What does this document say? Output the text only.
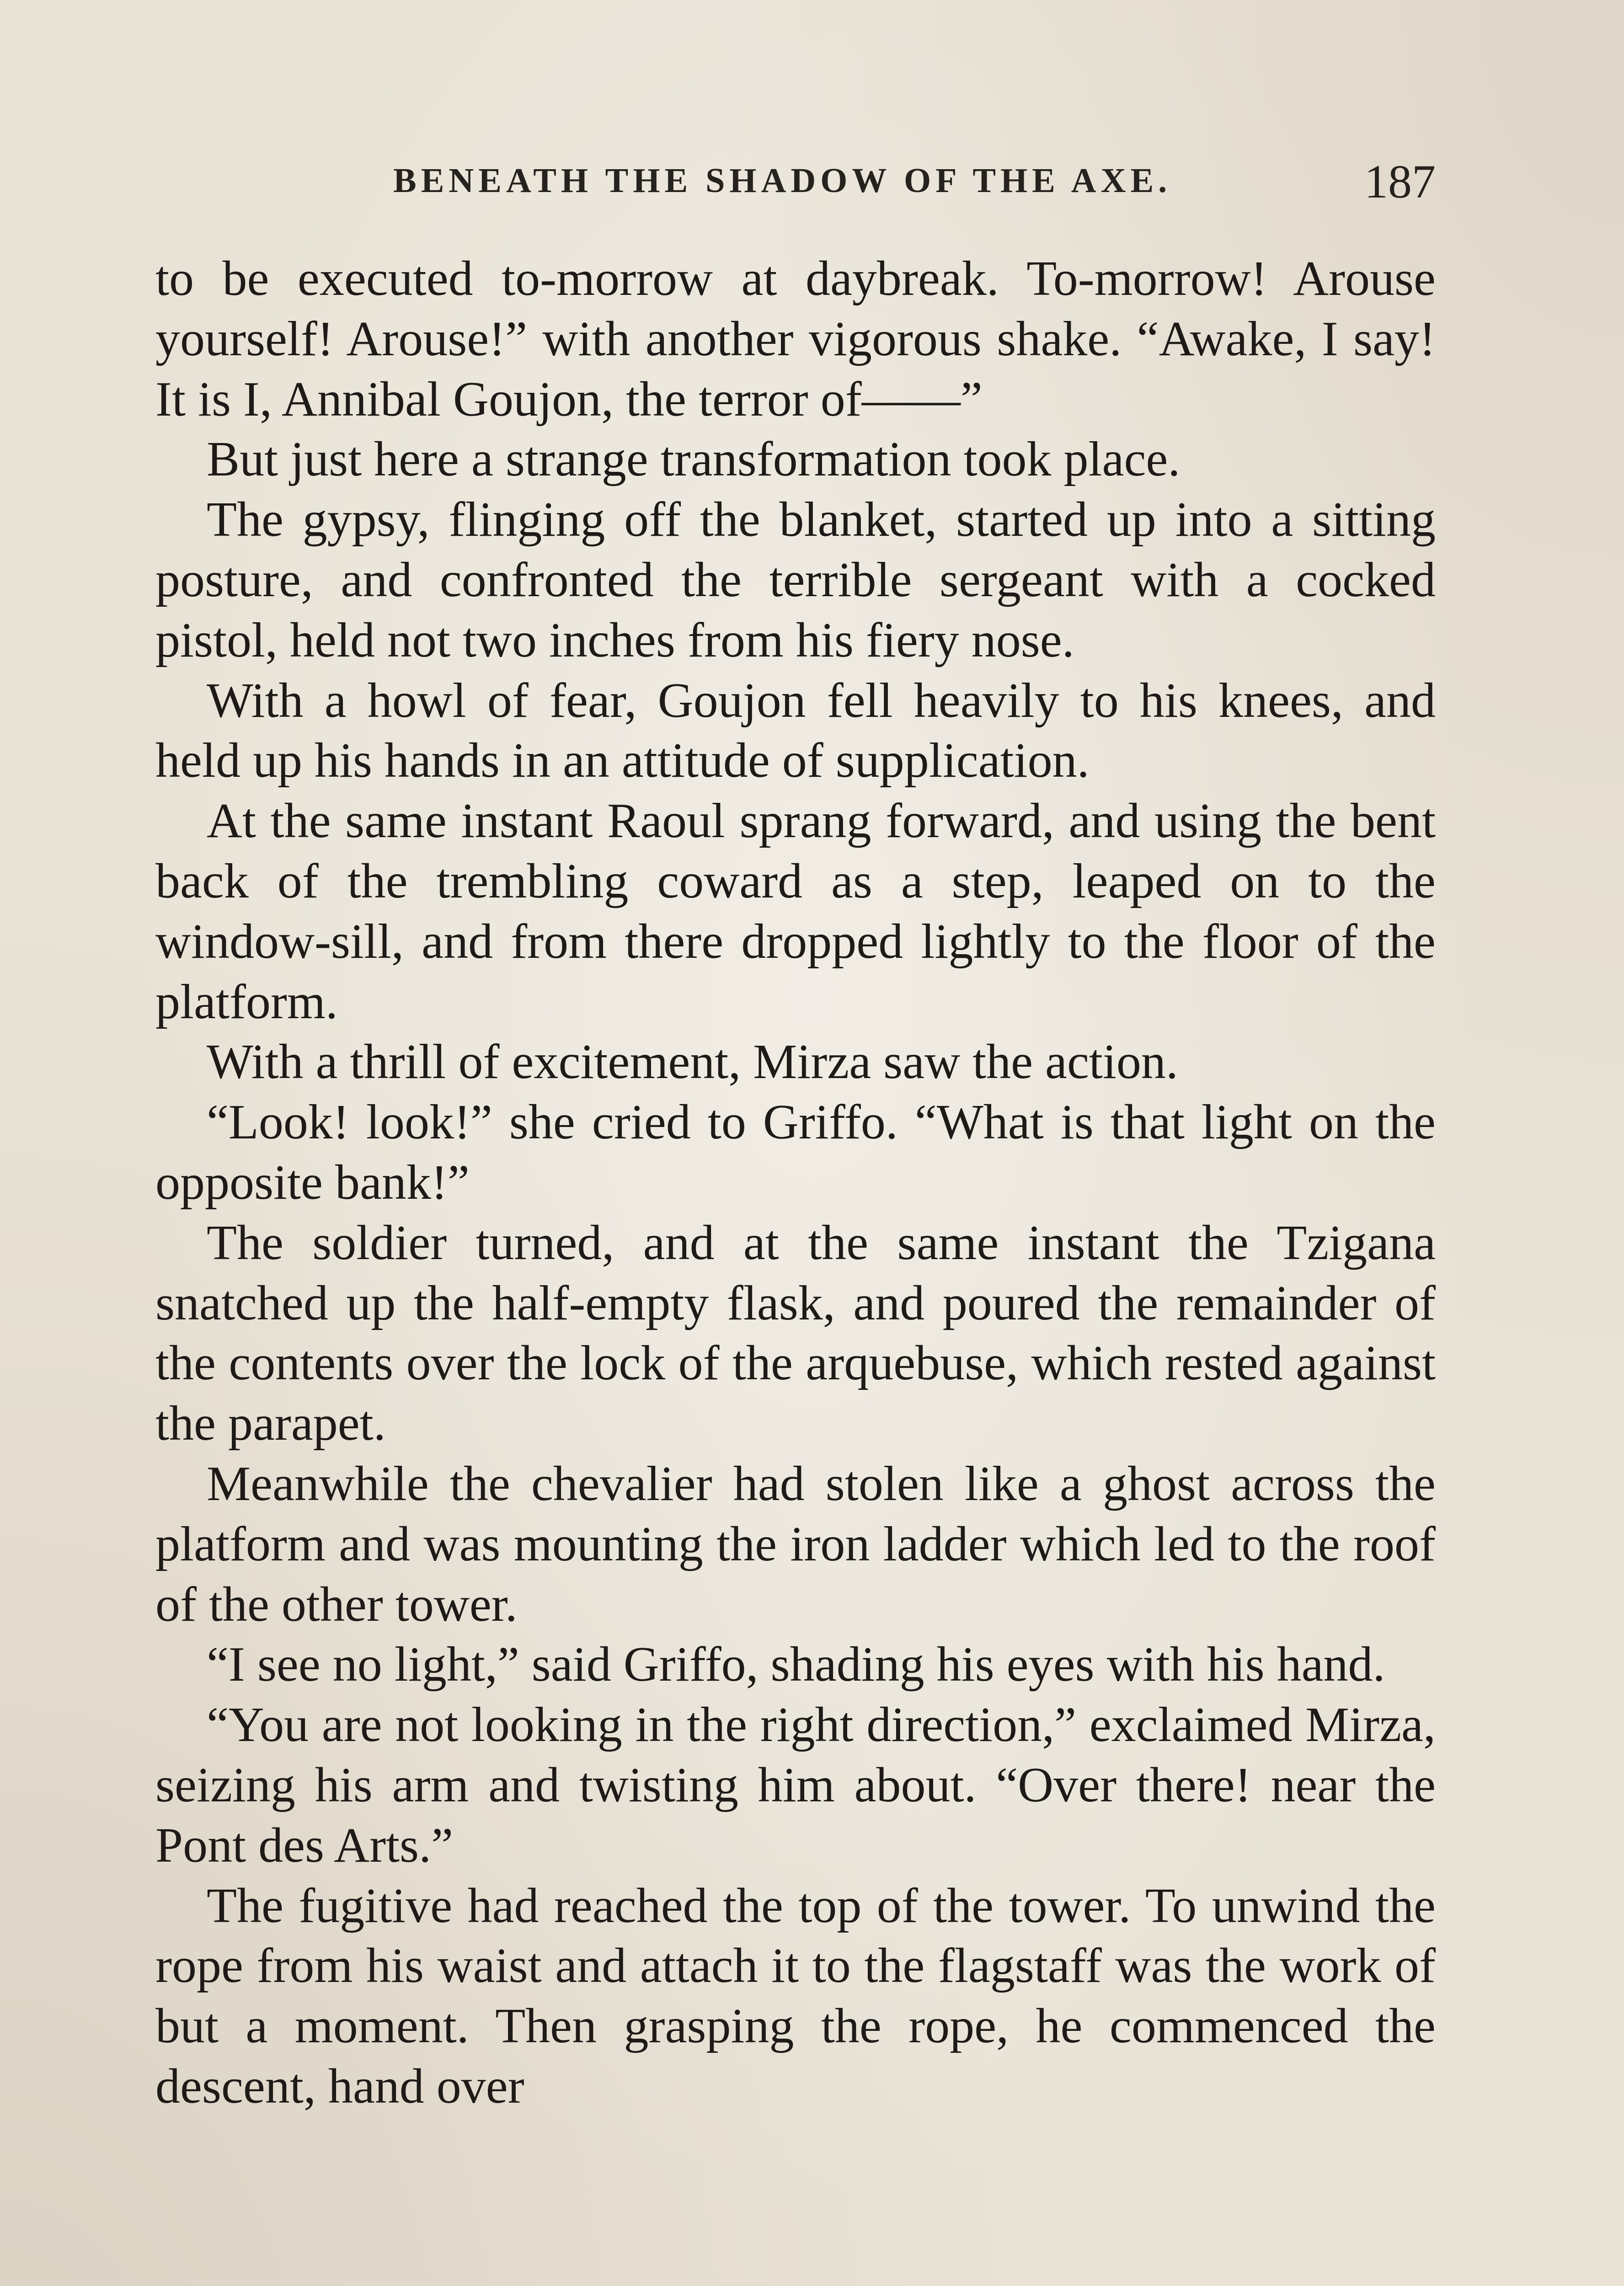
BENEATH THE SHADOW OF THE AXE.	187

to be executed to-morrow at daybreak. To-morrow! Arouse yourself! Arouse!” with another vigorous shake. “Awake, I say! It is I, Annibal Goujon, the terror of——”

But just here a strange transformation took place.

The gypsy, flinging off the blanket, started up into a sitting posture, and confronted the terrible sergeant with a cocked pistol, held not two inches from his fiery nose.

With a howl of fear, Goujon fell heavily to his knees, and held up his hands in an attitude of supplication.

At the same instant Raoul sprang forward, and using the bent back of the trembling coward as a step, leaped on to the window-sill, and from there dropped lightly to the floor of the platform.

With a thrill of excitement, Mirza saw the action.

“Look! look!” she cried to Griffo. “What is that light on the opposite bank!”

The soldier turned, and at the same instant the Tzigana snatched up the half-empty flask, and poured the remainder of the contents over the lock of the arquebuse, which rested against the parapet.

Meanwhile the chevalier had stolen like a ghost across the platform and was mounting the iron ladder which led to the roof of the other tower.

“I see no light,” said Griffo, shading his eyes with his hand.

“You are not looking in the right direction,” exclaimed Mirza, seizing his arm and twisting him about. “Over there! near the Pont des Arts.”

The fugitive had reached the top of the tower. To unwind the rope from his waist and attach it to the flagstaff was the work of but a moment. Then grasping the rope, he commenced the descent, hand over
